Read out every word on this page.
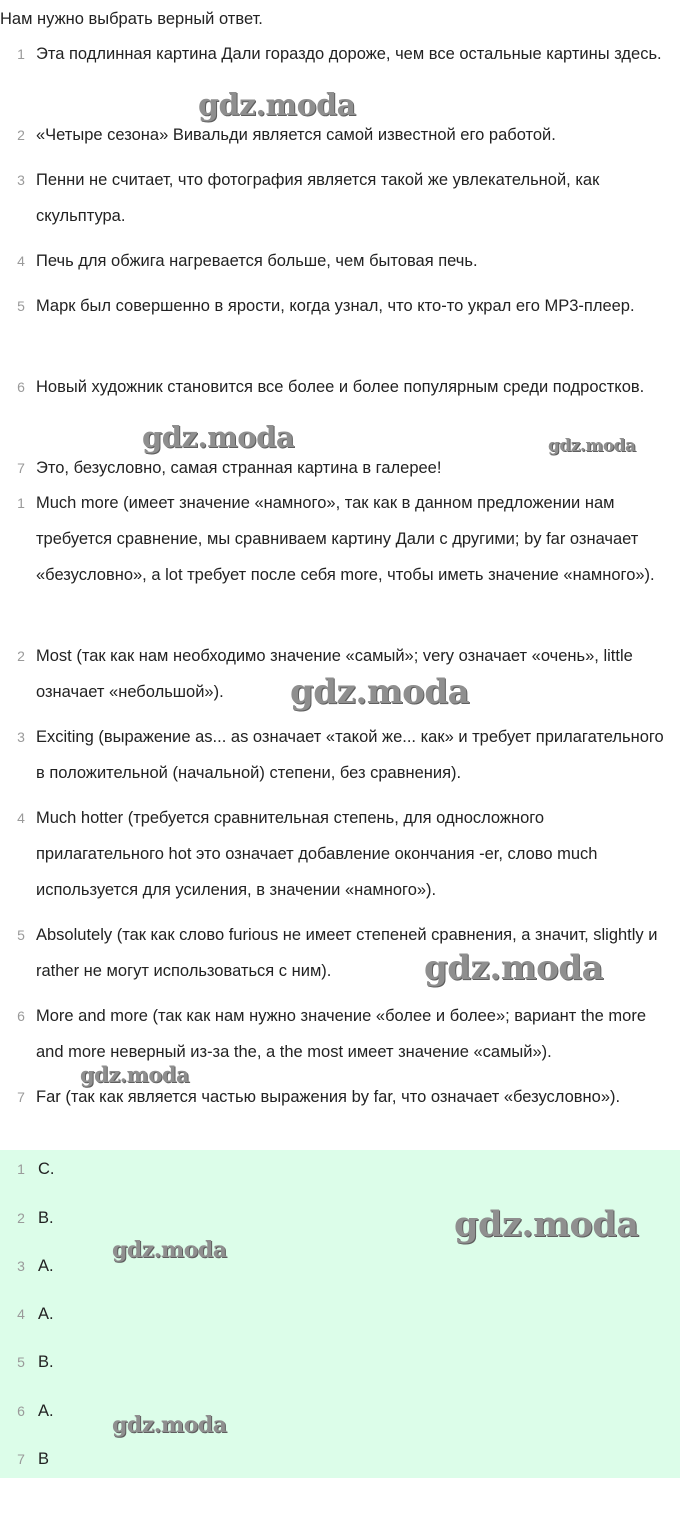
Нам нужно выбрать верный ответ.
1 Эта подлинная картина Дали гораздо дороже, чем все остальные картины здесь.
2 «Четыре сезона» Вивальди является самой известной его работой.
3 Пенни не считает, что фотография является такой же увлекательной, как скульптура.
4 Печь для обжига нагревается больше, чем бытовая печь.
5 Марк был совершенно в ярости, когда узнал, что кто-то украл его MP3-плеер.
6 Новый художник становится все более и более популярным среди подростков.
7 Это, безусловно, самая странная картина в галерее!
1 Much more (имеет значение «намного», так как в данном предложении нам требуется сравнение, мы сравниваем картину Дали с другими; by far означает «безусловно», a lot требует после себя more, чтобы иметь значение «намного»).
2 Most (так как нам необходимо значение «самый»; very означает «очень», little означает «небольшой»).
3 Exciting (выражение as... as означает «такой же... как» и требует прилагательного в положительной (начальной) степени, без сравнения).
4 Much hotter (требуется сравнительная степень, для односложного прилагательного hot это означает добавление окончания -er, слово much используется для усиления, в значении «намного»).
5 Absolutely (так как слово furious не имеет степеней сравнения, а значит, slightly и rather не могут использоваться с ним).
6 More and more (так как нам нужно значение «более и более»; вариант the more and more неверный из-за the, a the most имеет значение «самый»).
7 Far (так как является частью выражения by far, что означает «безусловно»).
1 C.
2 B.
3 A.
4 A.
5 B.
6 A.
7 B
gdz.moda
gdz.moda	gdz.moda
gdz.moda
gdz.moda
gdz.moda
gdz.moda
gdz.moda
gdz.moda
